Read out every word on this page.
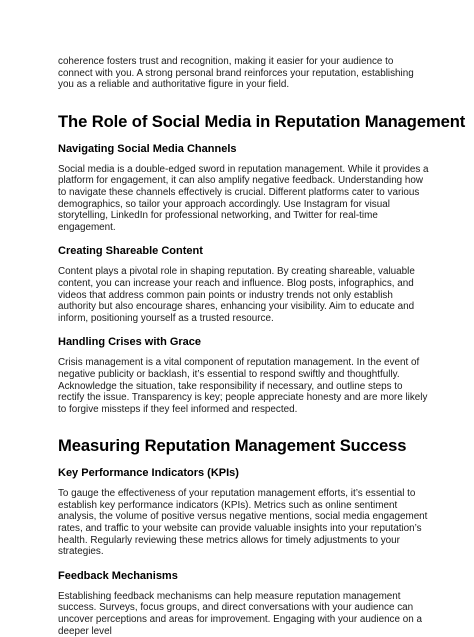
coherence fosters trust and recognition, making it easier for your audience to connect with you. A strong personal brand reinforces your reputation, establishing you as a reliable and authoritative figure in your field.

The Role of Social Media in Reputation Management
Navigating Social Media Channels

Social media is a double-edged sword in reputation management. While it provides a platform for engagement, it can also amplify negative feedback. Understanding how to navigate these channels effectively is crucial. Different platforms cater to various demographics, so tailor your approach accordingly. Use Instagram for visual storytelling, LinkedIn for professional networking, and Twitter for real-time engagement.

Creating Shareable Content

Content plays a pivotal role in shaping reputation. By creating shareable, valuable content, you can increase your reach and influence. Blog posts, infographics, and videos that address common pain points or industry trends not only establish authority but also encourage shares, enhancing your visibility. Aim to educate and inform, positioning yourself as a trusted resource.

Handling Crises with Grace

Crisis management is a vital component of reputation management. In the event of negative publicity or backlash, it’s essential to respond swiftly and thoughtfully. Acknowledge the situation, take responsibility if necessary, and outline steps to rectify the issue. Transparency is key; people appreciate honesty and are more likely to forgive missteps if they feel informed and respected.

Measuring Reputation Management Success
Key Performance Indicators (KPIs)

To gauge the effectiveness of your reputation management efforts, it’s essential to establish key performance indicators (KPIs). Metrics such as online sentiment analysis, the volume of positive versus negative mentions, social media engagement rates, and traffic to your website can provide valuable insights into your reputation’s health. Regularly reviewing these metrics allows for timely adjustments to your strategies.

Feedback Mechanisms

Establishing feedback mechanisms can help measure reputation management success. Surveys, focus groups, and direct conversations with your audience can uncover perceptions and areas for improvement. Engaging with your audience on a deeper level
